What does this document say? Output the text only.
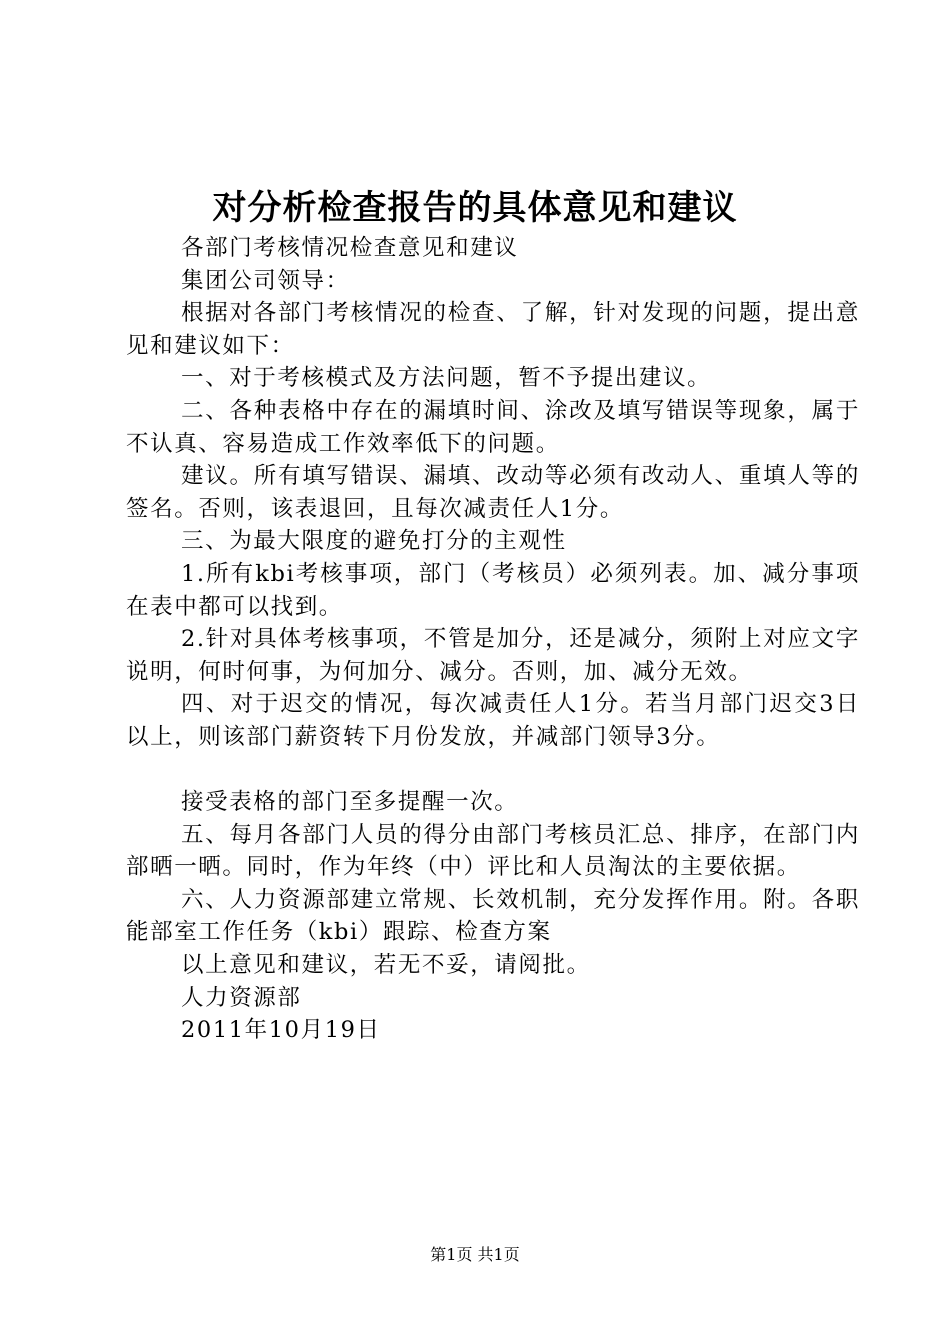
对分析检查报告的具体意见和建议

各部门考核情况检查意见和建议

集团公司领导：

根据对各部门考核情况的检查、了解，针对发现的问题，提出意见和建议如下：

一、对于考核模式及方法问题，暂不予提出建议。

二、各种表格中存在的漏填时间、涂改及填写错误等现象，属于不认真、容易造成工作效率低下的问题。

建议。所有填写错误、漏填、改动等必须有改动人、重填人等的签名。否则，该表退回，且每次减责任人1分。

三、为最大限度的避免打分的主观性

1.所有kbi考核事项，部门（考核员）必须列表。加、减分事项在表中都可以找到。

2.针对具体考核事项，不管是加分，还是减分，须附上对应文字说明，何时何事，为何加分、减分。否则，加、减分无效。

四、对于迟交的情况，每次减责任人1分。若当月部门迟交3日以上，则该部门薪资转下月份发放，并减部门领导3分。

接受表格的部门至多提醒一次。

五、每月各部门人员的得分由部门考核员汇总、排序，在部门内部晒一晒。同时，作为年终（中）评比和人员淘汰的主要依据。

六、人力资源部建立常规、长效机制，充分发挥作用。附。各职能部室工作任务（kbi）跟踪、检查方案

以上意见和建议，若无不妥，请阅批。

人力资源部

2011年10月19日

第1页 共1页
